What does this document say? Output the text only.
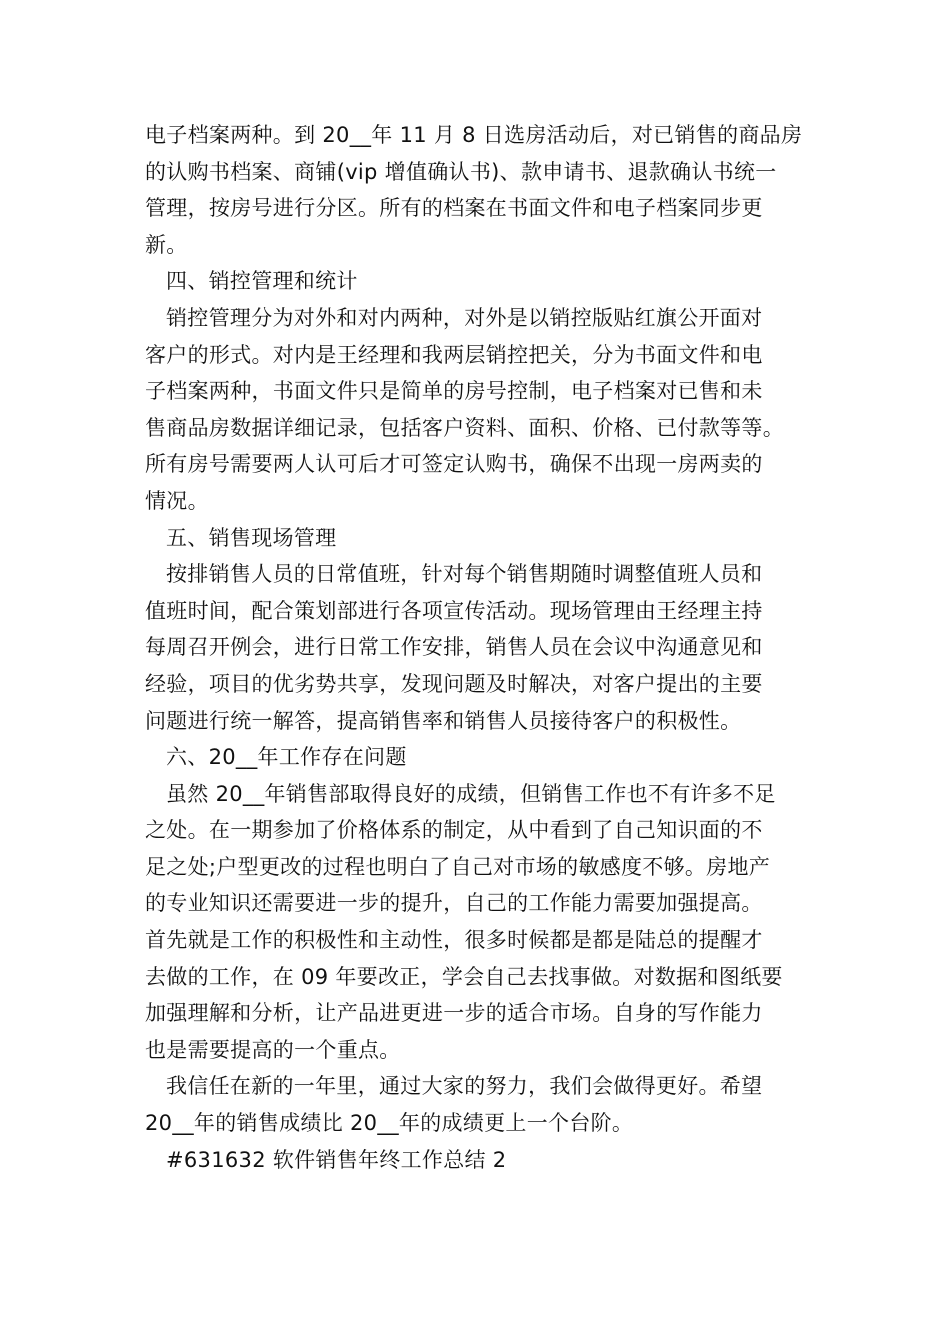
电子档案两种。到 20__年 11 月 8 日选房活动后，对已销售的商品房
的认购书档案、商铺(vip 增值确认书)、款申请书、退款确认书统一
管理，按房号进行分区。所有的档案在书面文件和电子档案同步更
新。
四、销控管理和统计
销控管理分为对外和对内两种，对外是以销控版贴红旗公开面对
客户的形式。对内是王经理和我两层销控把关，分为书面文件和电
子档案两种，书面文件只是简单的房号控制，电子档案对已售和未
售商品房数据详细记录，包括客户资料、面积、价格、已付款等等。
所有房号需要两人认可后才可签定认购书，确保不出现一房两卖的
情况。
五、销售现场管理
按排销售人员的日常值班，针对每个销售期随时调整值班人员和
值班时间，配合策划部进行各项宣传活动。现场管理由王经理主持
每周召开例会，进行日常工作安排，销售人员在会议中沟通意见和
经验，项目的优劣势共享，发现问题及时解决，对客户提出的主要
问题进行统一解答，提高销售率和销售人员接待客户的积极性。
六、20__年工作存在问题
虽然 20__年销售部取得良好的成绩，但销售工作也不有许多不足
之处。在一期参加了价格体系的制定，从中看到了自己知识面的不
足之处;户型更改的过程也明白了自己对市场的敏感度不够。房地产
的专业知识还需要进一步的提升，自己的工作能力需要加强提高。
首先就是工作的积极性和主动性，很多时候都是都是陆总的提醒才
去做的工作，在 09 年要改正，学会自己去找事做。对数据和图纸要
加强理解和分析，让产品进更进一步的适合市场。自身的写作能力
也是需要提高的一个重点。
我信任在新的一年里，通过大家的努力，我们会做得更好。希望
20__年的销售成绩比 20__年的成绩更上一个台阶。
#631632 软件销售年终工作总结 2
